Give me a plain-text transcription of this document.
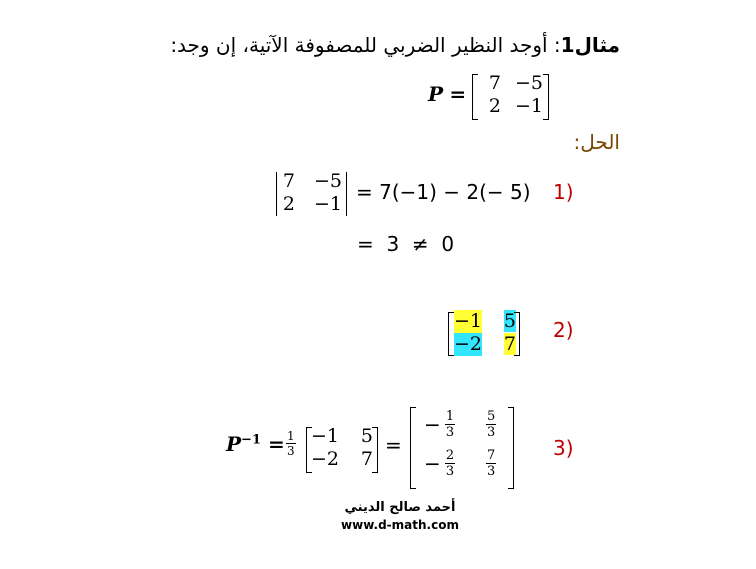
مثال1: أوجد النظير الضربي للمصفوفة الآتية، إن وجد:
P =	7 −5
2 −1
الحل:
7 −5
2 −1 = 7(−1) − 2(− 5) 1)
=  3  ≠  0
−1	5
−2	7
2)
$P^{-1} = \frac{1}{3} -1$	5
−2	7
=
− $\frac{1}{3} \frac{5}{3}$
− $\frac{2}{3} \frac{7}{3}$	3)
أحمد صالح الديني
www.d-math.com
